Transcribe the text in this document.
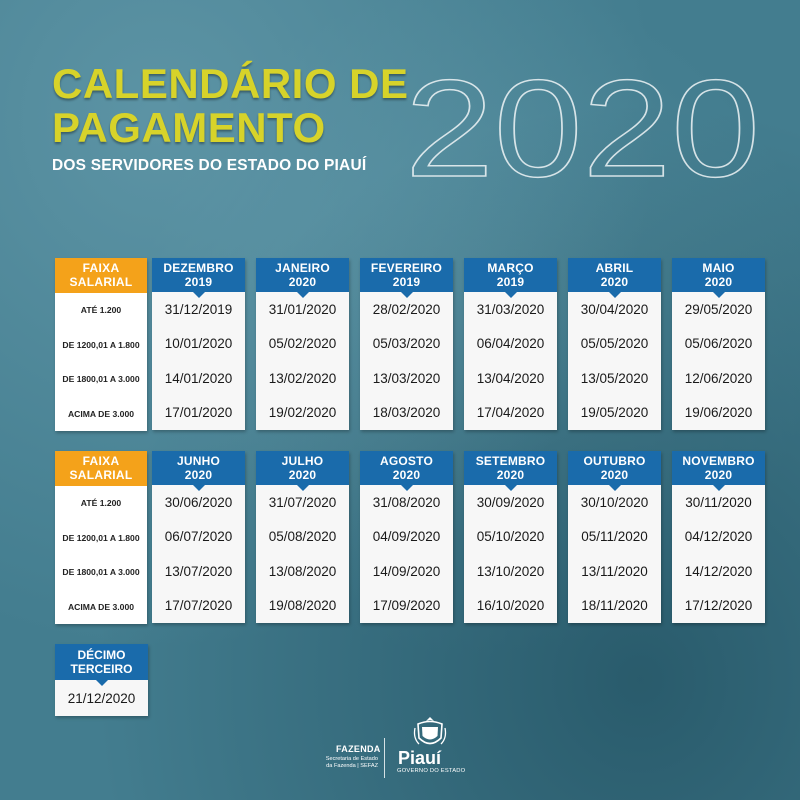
CALENDÁRIO DE
PAGAMENTO
DOS SERVIDORES DO ESTADO DO PIAUÍ 2020
FAIXA
SALARIAL
ATÉ 1.200
DE 1200,01 A 1.800
DE 1800,01 A 3.000
ACIMA DE 3.000
DEZEMBRO
2019
31/12/2019
10/01/2020
14/01/2020
17/01/2020
JANEIRO
2020
31/01/2020
05/02/2020
13/02/2020
19/02/2020
FEVEREIRO
2019
28/02/2020
05/03/2020
13/03/2020
18/03/2020
MARÇO
2019
31/03/2020
06/04/2020
13/04/2020
17/04/2020
ABRIL
2020
30/04/2020
05/05/2020
13/05/2020
19/05/2020
MAIO
2020
29/05/2020
05/06/2020
12/06/2020
19/06/2020
FAIXA
SALARIAL
ATÉ 1.200
DE 1200,01 A 1.800
DE 1800,01 A 3.000
ACIMA DE 3.000
JUNHO
2020
30/06/2020
06/07/2020
13/07/2020
17/07/2020
JULHO
2020
31/07/2020
05/08/2020
13/08/2020
19/08/2020
AGOSTO
2020
31/08/2020
04/09/2020
14/09/2020
17/09/2020
SETEMBRO
2020
30/09/2020
05/10/2020
13/10/2020
16/10/2020
OUTUBRO
2020
30/10/2020
05/11/2020
13/11/2020
18/11/2020
NOVEMBRO
2020
30/11/2020
04/12/2020
14/12/2020
17/12/2020
DÉCIMO
TERCEIRO
21/12/2020
FAZENDA
Secretaria de Estado
da Fazenda | SEFAZ Piauí
GOVERNO DO ESTADO
